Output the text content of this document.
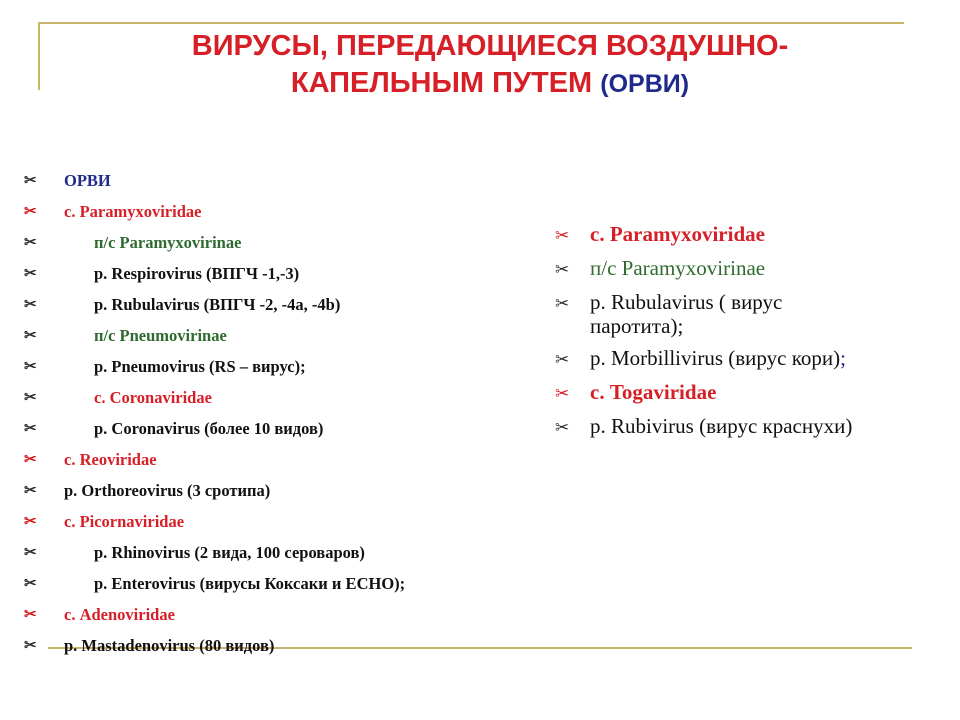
ВИРУСЫ, ПЕРЕДАЮЩИЕСЯ ВОЗДУШНО-
КАПЕЛЬНЫМ ПУТЕМ (ОРВИ)
✂	ОРВИ
✂	с. Paramyxoviridae
✂	п/с Paramyxovirinae
✂	р. Respirovirus (ВПГЧ -1,-3)
✂	р. Rubulavirus (ВПГЧ -2, -4а, -4b)
✂	п/с Pneumovirinae
✂	р. Pneumovirus (RS – вирус);
✂	с. Coronaviridae
✂	р. Coronavirus (более 10 видов)
✂	с. Reoviridae
✂	р. Orthoreovirus (3 сротипа)
✂	с. Picornaviridae
✂	р. Rhinovirus (2 вида, 100 сероваров)
✂	р. Enterovirus (вирусы Коксаки и ЕСНО);
✂	с. Adenoviridae
✂	р. Mastadenovirus (80 видов)
✂ с. Paramyxoviridae
✂ п/с Paramyxovirinae
✂ р. Rubulavirus ( вирус
паротита);
✂ р. Morbillivirus (вирус кори);
✂ с. Togaviridae
✂ р. Rubivirus (вирус краснухи)
